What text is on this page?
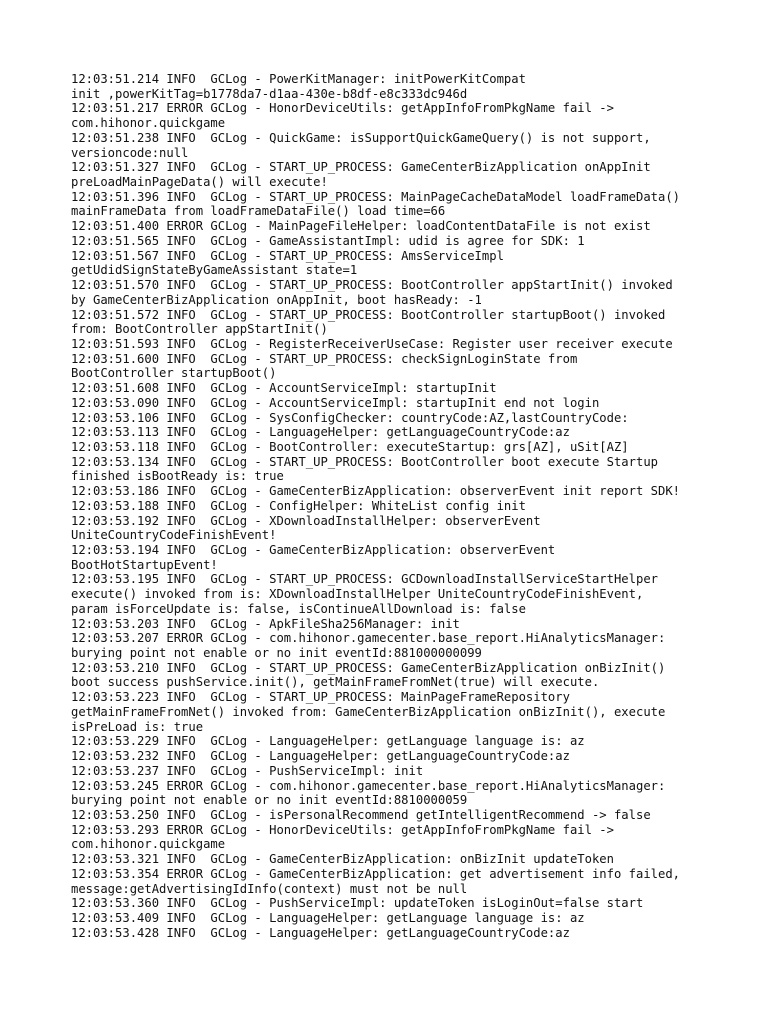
12:03:51.214 INFO  GCLog - PowerKitManager: initPowerKitCompat
init ,powerKitTag=b1778da7-d1aa-430e-b8df-e8c333dc946d
12:03:51.217 ERROR GCLog - HonorDeviceUtils: getAppInfoFromPkgName fail ->
com.hihonor.quickgame
12:03:51.238 INFO  GCLog - QuickGame: isSupportQuickGameQuery() is not support,
versioncode:null
12:03:51.327 INFO  GCLog - START_UP_PROCESS: GameCenterBizApplication onAppInit
preLoadMainPageData() will execute!
12:03:51.396 INFO  GCLog - START_UP_PROCESS: MainPageCacheDataModel loadFrameData()
mainFrameData from loadFrameDataFile() load time=66
12:03:51.400 ERROR GCLog - MainPageFileHelper: loadContentDataFile is not exist
12:03:51.565 INFO  GCLog - GameAssistantImpl: udid is agree for SDK: 1
12:03:51.567 INFO  GCLog - START_UP_PROCESS: AmsServiceImpl
getUdidSignStateByGameAssistant state=1
12:03:51.570 INFO  GCLog - START_UP_PROCESS: BootController appStartInit() invoked
by GameCenterBizApplication onAppInit, boot hasReady: -1
12:03:51.572 INFO  GCLog - START_UP_PROCESS: BootController startupBoot() invoked
from: BootController appStartInit()
12:03:51.593 INFO  GCLog - RegisterReceiverUseCase: Register user receiver execute
12:03:51.600 INFO  GCLog - START_UP_PROCESS: checkSignLoginState from
BootController startupBoot()
12:03:51.608 INFO  GCLog - AccountServiceImpl: startupInit
12:03:53.090 INFO  GCLog - AccountServiceImpl: startupInit end not login
12:03:53.106 INFO  GCLog - SysConfigChecker: countryCode:AZ,lastCountryCode:
12:03:53.113 INFO  GCLog - LanguageHelper: getLanguageCountryCode:az
12:03:53.118 INFO  GCLog - BootController: executeStartup: grs[AZ], uSit[AZ]
12:03:53.134 INFO  GCLog - START_UP_PROCESS: BootController boot execute Startup
finished isBootReady is: true
12:03:53.186 INFO  GCLog - GameCenterBizApplication: observerEvent init report SDK!
12:03:53.188 INFO  GCLog - ConfigHelper: WhiteList config init
12:03:53.192 INFO  GCLog - XDownloadInstallHelper: observerEvent
UniteCountryCodeFinishEvent!
12:03:53.194 INFO  GCLog - GameCenterBizApplication: observerEvent
BootHotStartupEvent!
12:03:53.195 INFO  GCLog - START_UP_PROCESS: GCDownloadInstallServiceStartHelper
execute() invoked from is: XDownloadInstallHelper UniteCountryCodeFinishEvent,
param isForceUpdate is: false, isContinueAllDownload is: false
12:03:53.203 INFO  GCLog - ApkFileSha256Manager: init
12:03:53.207 ERROR GCLog - com.hihonor.gamecenter.base_report.HiAnalyticsManager:
burying point not enable or no init eventId:881000000099
12:03:53.210 INFO  GCLog - START_UP_PROCESS: GameCenterBizApplication onBizInit()
boot success pushService.init(), getMainFrameFromNet(true) will execute.
12:03:53.223 INFO  GCLog - START_UP_PROCESS: MainPageFrameRepository
getMainFrameFromNet() invoked from: GameCenterBizApplication onBizInit(), execute
isPreLoad is: true
12:03:53.229 INFO  GCLog - LanguageHelper: getLanguage language is: az
12:03:53.232 INFO  GCLog - LanguageHelper: getLanguageCountryCode:az
12:03:53.237 INFO  GCLog - PushServiceImpl: init
12:03:53.245 ERROR GCLog - com.hihonor.gamecenter.base_report.HiAnalyticsManager:
burying point not enable or no init eventId:8810000059
12:03:53.250 INFO  GCLog - isPersonalRecommend getIntelligentRecommend -> false
12:03:53.293 ERROR GCLog - HonorDeviceUtils: getAppInfoFromPkgName fail ->
com.hihonor.quickgame
12:03:53.321 INFO  GCLog - GameCenterBizApplication: onBizInit updateToken
12:03:53.354 ERROR GCLog - GameCenterBizApplication: get advertisement info failed,
message:getAdvertisingIdInfo(context) must not be null
12:03:53.360 INFO  GCLog - PushServiceImpl: updateToken isLoginOut=false start
12:03:53.409 INFO  GCLog - LanguageHelper: getLanguage language is: az
12:03:53.428 INFO  GCLog - LanguageHelper: getLanguageCountryCode:az
